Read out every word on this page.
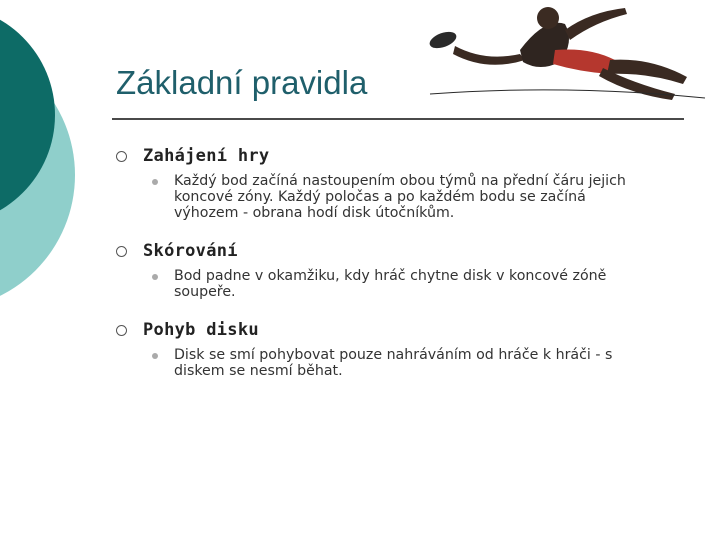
Základní pravidla
Zahájení hry
Každý bod začíná nastoupením obou týmů na přední čáru jejich koncové zóny. Každý poločas a po každém bodu se začíná výhozem - obrana hodí disk útočníkům.
Skórování
Bod padne v okamžiku, kdy hráč chytne disk v koncové zóně soupeře.
Pohyb disku
Disk se smí pohybovat pouze nahráváním od hráče k hráči - s diskem se nesmí běhat.
